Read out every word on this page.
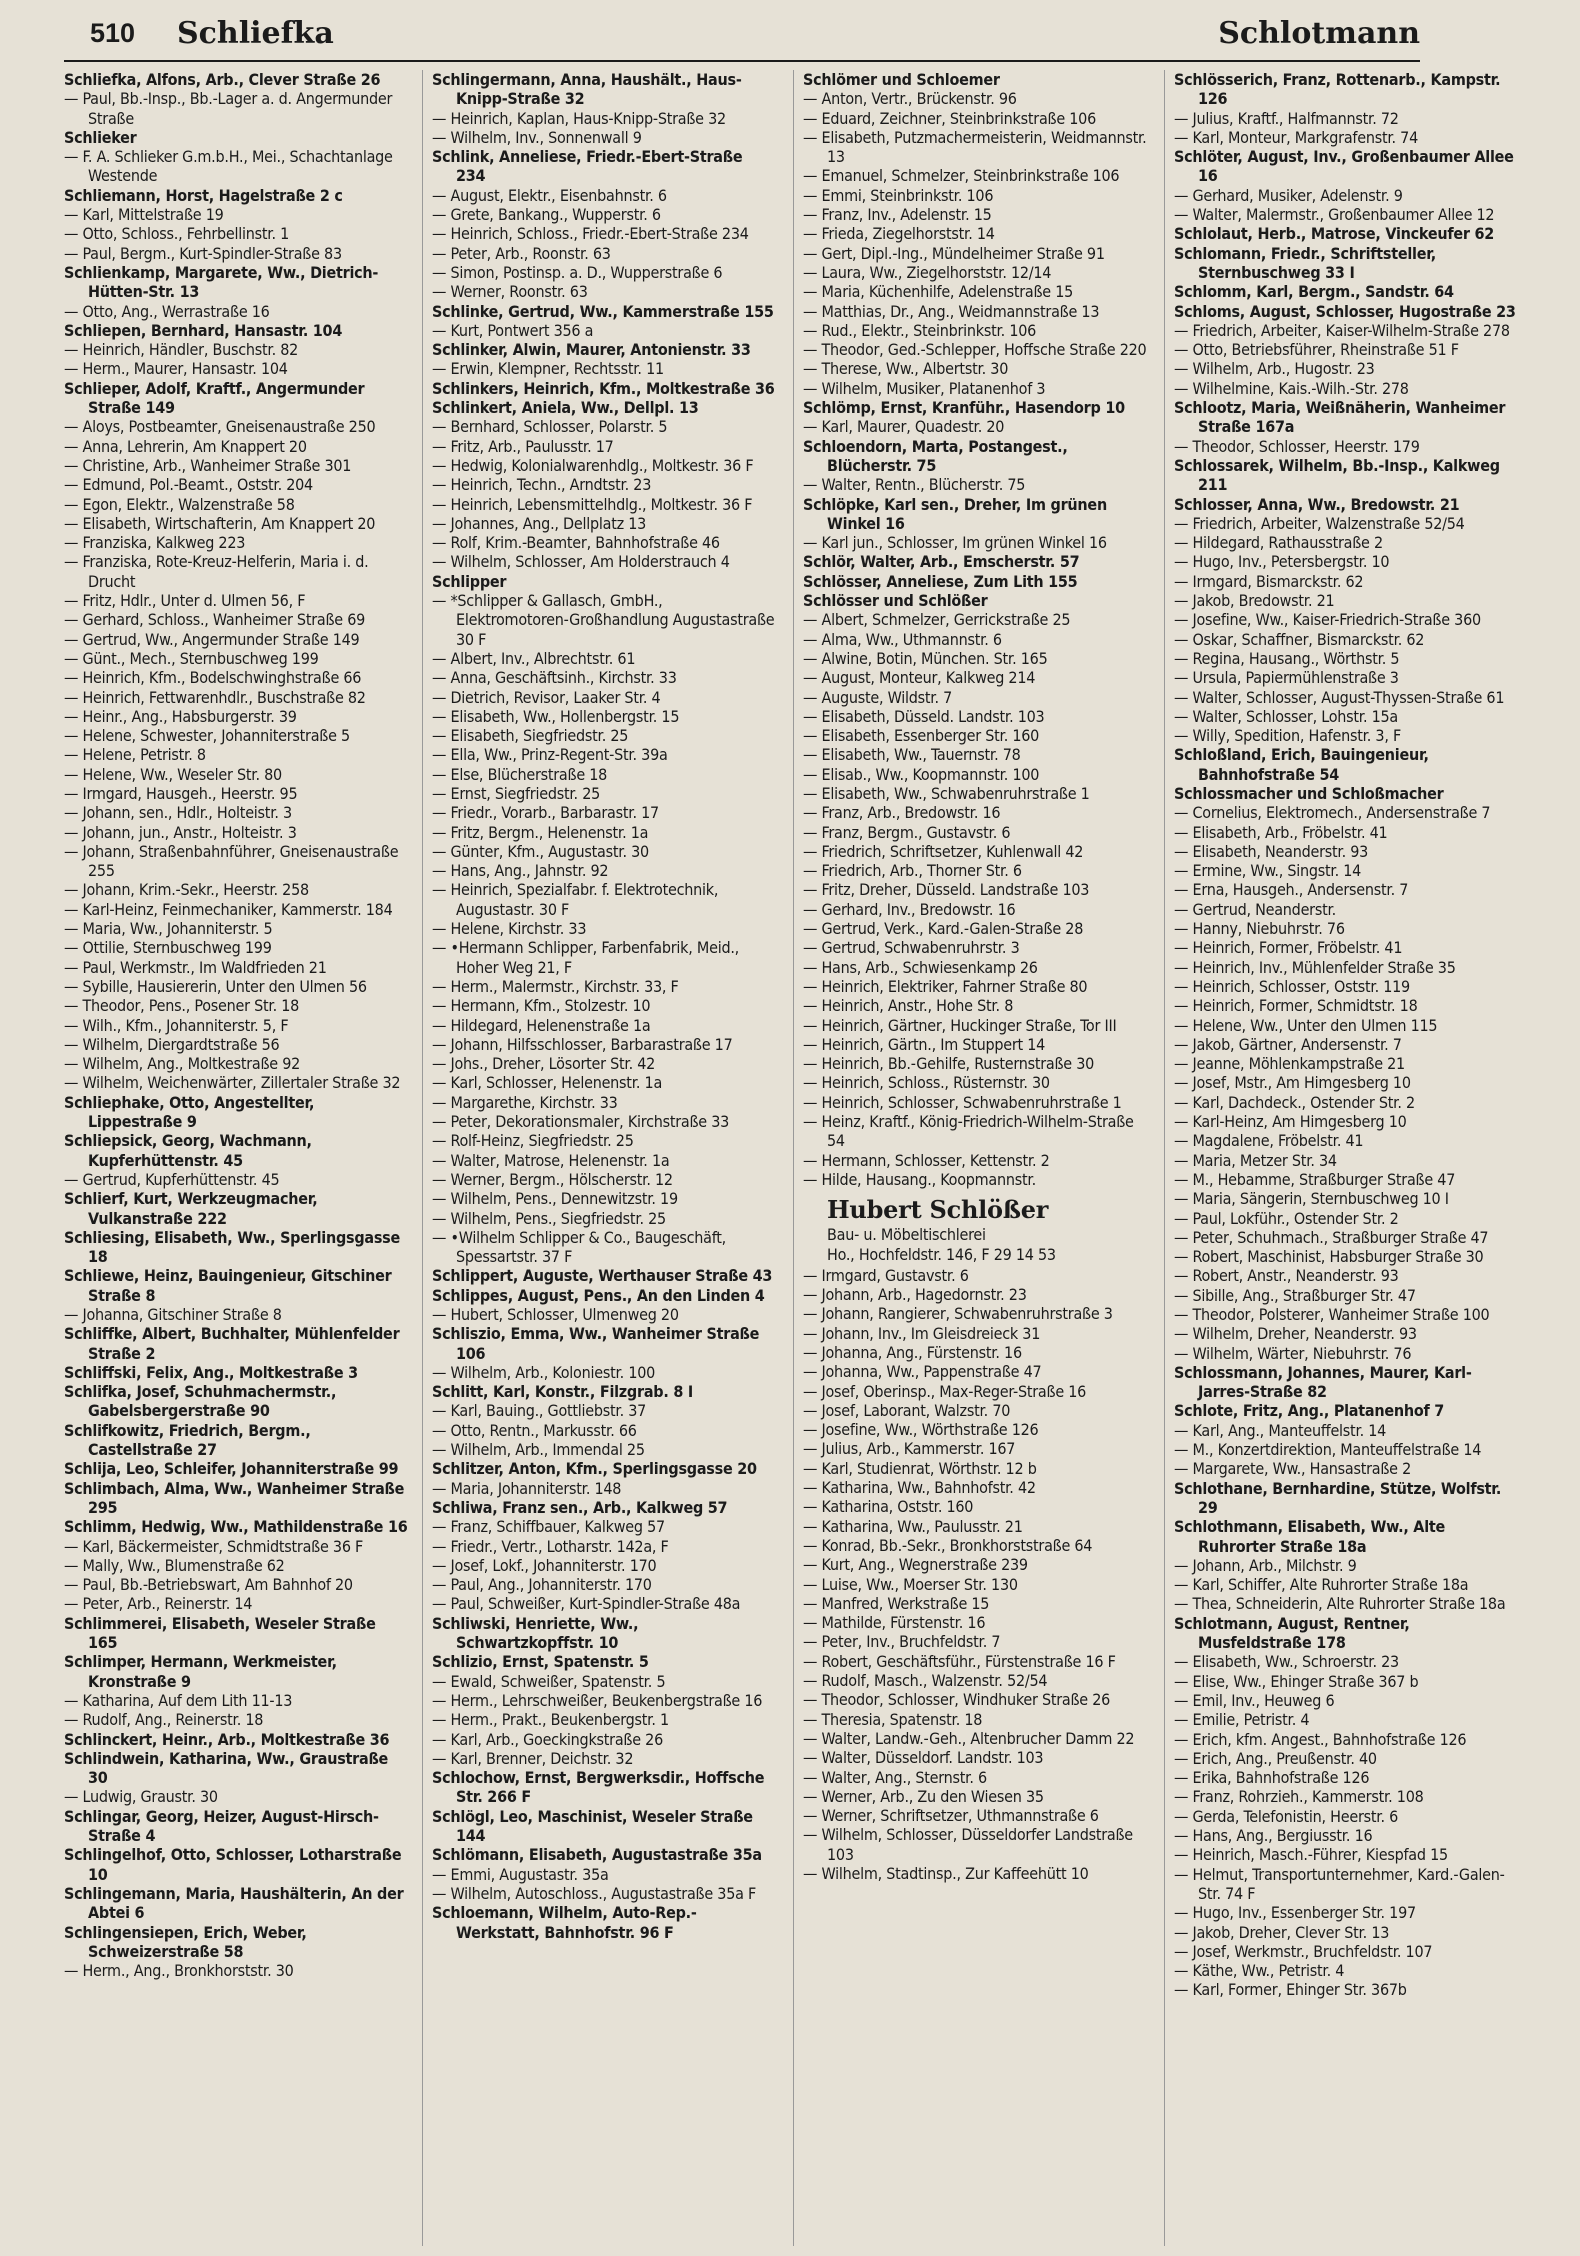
510 Schliefka	Schlotmann
Schliefka, Alfons, Arb., Clever Straße 26
— Paul, Bb.-Insp., Bb.-Lager a. d. Angermunder Straße
Schlieker
— F. A. Schlieker G.m.b.H., Mei., Schachtanlage Westende
Schliemann, Horst, Hagelstraße 2 c
— Karl, Mittelstraße 19
— Otto, Schloss., Fehrbellinstr. 1
— Paul, Bergm., Kurt-Spindler-Straße 83
Schlienkamp, Margarete, Ww., Dietrich-Hütten-Str. 13
— Otto, Ang., Werrastraße 16
Schliepen, Bernhard, Hansastr. 104
— Heinrich, Händler, Buschstr. 82
— Herm., Maurer, Hansastr. 104
Schlieper, Adolf, Kraftf., Angermunder Straße 149
— Aloys, Postbeamter, Gneisenaustraße 250
— Anna, Lehrerin, Am Knappert 20
— Christine, Arb., Wanheimer Straße 301
— Edmund, Pol.-Beamt., Oststr. 204
— Egon, Elektr., Walzenstraße 58
— Elisabeth, Wirtschafterin, Am Knappert 20
— Franziska, Kalkweg 223
— Franziska, Rote-Kreuz-Helferin, Maria i. d. Drucht
— Fritz, Hdlr., Unter d. Ulmen 56, F
— Gerhard, Schloss., Wanheimer Straße 69
— Gertrud, Ww., Angermunder Straße 149
— Günt., Mech., Sternbuschweg 199
— Heinrich, Kfm., Bodelschwinghstraße 66
— Heinrich, Fettwarenhdlr., Buschstraße 82
— Heinr., Ang., Habsburgerstr. 39
— Helene, Schwester, Johanniterstraße 5
— Helene, Petristr. 8
— Helene, Ww., Weseler Str. 80
— Irmgard, Hausgeh., Heerstr. 95
— Johann, sen., Hdlr., Holteistr. 3
— Johann, jun., Anstr., Holteistr. 3
— Johann, Straßenbahnführer, Gneisenaustraße 255
— Johann, Krim.-Sekr., Heerstr. 258
— Karl-Heinz, Feinmechaniker, Kammerstr. 184
— Maria, Ww., Johanniterstr. 5
— Ottilie, Sternbuschweg 199
— Paul, Werkmstr., Im Waldfrieden 21
— Sybille, Hausiererin, Unter den Ulmen 56
— Theodor, Pens., Posener Str. 18
— Wilh., Kfm., Johanniterstr. 5, F
— Wilhelm, Diergardtstraße 56
— Wilhelm, Ang., Moltkestraße 92
— Wilhelm, Weichenwärter, Zillertaler Straße 32
Schliephake, Otto, Angestellter, Lippestraße 9
Schliepsick, Georg, Wachmann, Kupferhüttenstr. 45
— Gertrud, Kupferhüttenstr. 45
Schlierf, Kurt, Werkzeugmacher, Vulkanstraße 222
Schliesing, Elisabeth, Ww., Sperlingsgasse 18
Schliewe, Heinz, Bauingenieur, Gitschiner Straße 8
— Johanna, Gitschiner Straße 8
Schliffke, Albert, Buchhalter, Mühlenfelder Straße 2
Schliffski, Felix, Ang., Moltkestraße 3
Schlifka, Josef, Schuhmachermstr., Gabelsbergerstraße 90
Schlifkowitz, Friedrich, Bergm., Castellstraße 27
Schlija, Leo, Schleifer, Johanniterstraße 99
Schlimbach, Alma, Ww., Wanheimer Straße 295
Schlimm, Hedwig, Ww., Mathildenstraße 16
— Karl, Bäckermeister, Schmidtstraße 36 F
— Mally, Ww., Blumenstraße 62
— Paul, Bb.-Betriebswart, Am Bahnhof 20
— Peter, Arb., Reinerstr. 14
Schlimmerei, Elisabeth, Weseler Straße 165
Schlimper, Hermann, Werkmeister, Kronstraße 9
— Katharina, Auf dem Lith 11-13
— Rudolf, Ang., Reinerstr. 18
Schlinckert, Heinr., Arb., Moltkestraße 36
Schlindwein, Katharina, Ww., Graustraße 30
— Ludwig, Graustr. 30
Schlingar, Georg, Heizer, August-Hirsch-Straße 4
Schlingelhof, Otto, Schlosser, Lotharstraße 10
Schlingemann, Maria, Haushälterin, An der Abtei 6
Schlingensiepen, Erich, Weber, Schweizerstraße 58
— Herm., Ang., Bronkhorststr. 30
Schlingermann, Anna, Haushält., Haus-Knipp-Straße 32
— Heinrich, Kaplan, Haus-Knipp-Straße 32
— Wilhelm, Inv., Sonnenwall 9
Schlink, Anneliese, Friedr.-Ebert-Straße 234
— August, Elektr., Eisenbahnstr. 6
— Grete, Bankang., Wupperstr. 6
— Heinrich, Schloss., Friedr.-Ebert-Straße 234
— Peter, Arb., Roonstr. 63
— Simon, Postinsp. a. D., Wupperstraße 6
— Werner, Roonstr. 63
Schlinke, Gertrud, Ww., Kammerstraße 155
— Kurt, Pontwert 356 a
Schlinker, Alwin, Maurer, Antonienstr. 33
— Erwin, Klempner, Rechtsstr. 11
Schlinkers, Heinrich, Kfm., Moltkestraße 36
Schlinkert, Aniela, Ww., Dellpl. 13
— Bernhard, Schlosser, Polarstr. 5
— Fritz, Arb., Paulusstr. 17
— Hedwig, Kolonialwarenhdlg., Moltkestr. 36 F
— Heinrich, Techn., Arndtstr. 23
— Heinrich, Lebensmittelhdlg., Moltkestr. 36 F
— Johannes, Ang., Dellplatz 13
— Rolf, Krim.-Beamter, Bahnhofstraße 46
— Wilhelm, Schlosser, Am Holderstrauch 4
Schlipper
— *Schlipper & Gallasch, GmbH., Elektromotoren-Großhandlung Augustastraße 30 F
— Albert, Inv., Albrechtstr. 61
— Anna, Geschäftsinh., Kirchstr. 33
— Dietrich, Revisor, Laaker Str. 4
— Elisabeth, Ww., Hollenbergstr. 15
— Elisabeth, Siegfriedstr. 25
— Ella, Ww., Prinz-Regent-Str. 39a
— Else, Blücherstraße 18
— Ernst, Siegfriedstr. 25
— Friedr., Vorarb., Barbarastr. 17
— Fritz, Bergm., Helenenstr. 1a
— Günter, Kfm., Augustastr. 30
— Hans, Ang., Jahnstr. 92
— Heinrich, Spezialfabr. f. Elektrotechnik, Augustastr. 30 F
— Helene, Kirchstr. 33
— •Hermann Schlipper, Farbenfabrik, Meid., Hoher Weg 21, F
— Herm., Malermstr., Kirchstr. 33, F
— Hermann, Kfm., Stolzestr. 10
— Hildegard, Helenenstraße 1a
— Johann, Hilfsschlosser, Barbarastraße 17
— Johs., Dreher, Lösorter Str. 42
— Karl, Schlosser, Helenenstr. 1a
— Margarethe, Kirchstr. 33
— Peter, Dekorationsmaler, Kirchstraße 33
— Rolf-Heinz, Siegfriedstr. 25
— Walter, Matrose, Helenenstr. 1a
— Werner, Bergm., Hölscherstr. 12
— Wilhelm, Pens., Dennewitzstr. 19
— Wilhelm, Pens., Siegfriedstr. 25
— •Wilhelm Schlipper & Co., Baugeschäft, Spessartstr. 37 F
Schlippert, Auguste, Werthauser Straße 43
Schlippes, August, Pens., An den Linden 4
— Hubert, Schlosser, Ulmenweg 20
Schliszio, Emma, Ww., Wanheimer Straße 106
— Wilhelm, Arb., Koloniestr. 100
Schlitt, Karl, Konstr., Filzgrab. 8 I
— Karl, Bauing., Gottliebstr. 37
— Otto, Rentn., Markusstr. 66
— Wilhelm, Arb., Immendal 25
Schlitzer, Anton, Kfm., Sperlingsgasse 20
— Maria, Johanniterstr. 148
Schliwa, Franz sen., Arb., Kalkweg 57
— Franz, Schiffbauer, Kalkweg 57
— Friedr., Vertr., Lotharstr. 142a, F
— Josef, Lokf., Johanniterstr. 170
— Paul, Ang., Johanniterstr. 170
— Paul, Schweißer, Kurt-Spindler-Straße 48a
Schliwski, Henriette, Ww., Schwartzkopffstr. 10
Schlizio, Ernst, Spatenstr. 5
— Ewald, Schweißer, Spatenstr. 5
— Herm., Lehrschweißer, Beukenbergstraße 16
— Herm., Prakt., Beukenbergstr. 1
— Karl, Arb., Goeckingkstraße 26
— Karl, Brenner, Deichstr. 32
Schlochow, Ernst, Bergwerksdir., Hoffsche Str. 266 F
Schlögl, Leo, Maschinist, Weseler Straße 144
Schlömann, Elisabeth, Augustastraße 35a
— Emmi, Augustastr. 35a
— Wilhelm, Autoschloss., Augustastraße 35a F
Schloemann, Wilhelm, Auto-Rep.-Werkstatt, Bahnhofstr. 96 F
Schlömer und Schloemer
— Anton, Vertr., Brückenstr. 96
— Eduard, Zeichner, Steinbrinkstraße 106
— Elisabeth, Putzmachermeisterin, Weidmannstr. 13
— Emanuel, Schmelzer, Steinbrinkstraße 106
— Emmi, Steinbrinkstr. 106
— Franz, Inv., Adelenstr. 15
— Frieda, Ziegelhorststr. 14
— Gert, Dipl.-Ing., Mündelheimer Straße 91
— Laura, Ww., Ziegelhorststr. 12/14
— Maria, Küchenhilfe, Adelenstraße 15
— Matthias, Dr., Ang., Weidmannstraße 13
— Rud., Elektr., Steinbrinkstr. 106
— Theodor, Ged.-Schlepper, Hoffsche Straße 220
— Therese, Ww., Albertstr. 30
— Wilhelm, Musiker, Platanenhof 3
Schlömp, Ernst, Kranführ., Hasendorp 10
— Karl, Maurer, Quadestr. 20
Schloendorn, Marta, Postangest., Blücherstr. 75
— Walter, Rentn., Blücherstr. 75
Schlöpke, Karl sen., Dreher, Im grünen Winkel 16
— Karl jun., Schlosser, Im grünen Winkel 16
Schlör, Walter, Arb., Emscherstr. 57
Schlösser, Anneliese, Zum Lith 155
Schlösser und Schlößer
— Albert, Schmelzer, Gerrickstraße 25
— Alma, Ww., Uthmannstr. 6
— Alwine, Botin, München. Str. 165
— August, Monteur, Kalkweg 214
— Auguste, Wildstr. 7
— Elisabeth, Düsseld. Landstr. 103
— Elisabeth, Essenberger Str. 160
— Elisabeth, Ww., Tauernstr. 78
— Elisab., Ww., Koopmannstr. 100
— Elisabeth, Ww., Schwabenruhrstraße 1
— Franz, Arb., Bredowstr. 16
— Franz, Bergm., Gustavstr. 6
— Friedrich, Schriftsetzer, Kuhlenwall 42
— Friedrich, Arb., Thorner Str. 6
— Fritz, Dreher, Düsseld. Landstraße 103
— Gerhard, Inv., Bredowstr. 16
— Gertrud, Verk., Kard.-Galen-Straße 28
— Gertrud, Schwabenruhrstr. 3
— Hans, Arb., Schwiesenkamp 26
— Heinrich, Elektriker, Fahrner Straße 80
— Heinrich, Anstr., Hohe Str. 8
— Heinrich, Gärtner, Huckinger Straße, Tor III
— Heinrich, Gärtn., Im Stuppert 14
— Heinrich, Bb.-Gehilfe, Rusternstraße 30
— Heinrich, Schloss., Rüsternstr. 30
— Heinrich, Schlosser, Schwabenruhrstraße 1
— Heinz, Kraftf., König-Friedrich-Wilhelm-Straße 54
— Hermann, Schlosser, Kettenstr. 2
— Hilde, Hausang., Koopmannstr.
Hubert Schlößer
Bau- u. Möbeltischlerei
Ho., Hochfeldstr. 146, F 29 14 53
— Irmgard, Gustavstr. 6
— Johann, Arb., Hagedornstr. 23
— Johann, Rangierer, Schwabenruhrstraße 3
— Johann, Inv., Im Gleisdreieck 31
— Johanna, Ang., Fürstenstr. 16
— Johanna, Ww., Pappenstraße 47
— Josef, Oberinsp., Max-Reger-Straße 16
— Josef, Laborant, Walzstr. 70
— Josefine, Ww., Wörthstraße 126
— Julius, Arb., Kammerstr. 167
— Karl, Studienrat, Wörthstr. 12 b
— Katharina, Ww., Bahnhofstr. 42
— Katharina, Oststr. 160
— Katharina, Ww., Paulusstr. 21
— Konrad, Bb.-Sekr., Bronkhorststraße 64
— Kurt, Ang., Wegnerstraße 239
— Luise, Ww., Moerser Str. 130
— Manfred, Werkstraße 15
— Mathilde, Fürstenstr. 16
— Peter, Inv., Bruchfeldstr. 7
— Robert, Geschäftsführ., Fürstenstraße 16 F
— Rudolf, Masch., Walzenstr. 52/54
— Theodor, Schlosser, Windhuker Straße 26
— Theresia, Spatenstr. 18
— Walter, Landw.-Geh., Altenbrucher Damm 22
— Walter, Düsseldorf. Landstr. 103
— Walter, Ang., Sternstr. 6
— Werner, Arb., Zu den Wiesen 35
— Werner, Schriftsetzer, Uthmannstraße 6
— Wilhelm, Schlosser, Düsseldorfer Landstraße 103
— Wilhelm, Stadtinsp., Zur Kaffeehütt 10
Schlösserich, Franz, Rottenarb., Kampstr. 126
— Julius, Kraftf., Halfmannstr. 72
— Karl, Monteur, Markgrafenstr. 74
Schlöter, August, Inv., Großenbaumer Allee 16
— Gerhard, Musiker, Adelenstr. 9
— Walter, Malermstr., Großenbaumer Allee 12
Schlolaut, Herb., Matrose, Vinckeufer 62
Schlomann, Friedr., Schriftsteller, Sternbuschweg 33 I
Schlomm, Karl, Bergm., Sandstr. 64
Schloms, August, Schlosser, Hugostraße 23
— Friedrich, Arbeiter, Kaiser-Wilhelm-Straße 278
— Otto, Betriebsführer, Rheinstraße 51 F
— Wilhelm, Arb., Hugostr. 23
— Wilhelmine, Kais.-Wilh.-Str. 278
Schlootz, Maria, Weißnäherin, Wanheimer Straße 167a
— Theodor, Schlosser, Heerstr. 179
Schlossarek, Wilhelm, Bb.-Insp., Kalkweg 211
Schlosser, Anna, Ww., Bredowstr. 21
— Friedrich, Arbeiter, Walzenstraße 52/54
— Hildegard, Rathausstraße 2
— Hugo, Inv., Petersbergstr. 10
— Irmgard, Bismarckstr. 62
— Jakob, Bredowstr. 21
— Josefine, Ww., Kaiser-Friedrich-Straße 360
— Oskar, Schaffner, Bismarckstr. 62
— Regina, Hausang., Wörthstr. 5
— Ursula, Papiermühlenstraße 3
— Walter, Schlosser, August-Thyssen-Straße 61
— Walter, Schlosser, Lohstr. 15a
— Willy, Spedition, Hafenstr. 3, F
Schloßland, Erich, Bauingenieur, Bahnhofstraße 54
Schlossmacher und Schloßmacher
— Cornelius, Elektromech., Andersenstraße 7
— Elisabeth, Arb., Fröbelstr. 41
— Elisabeth, Neanderstr. 93
— Ermine, Ww., Singstr. 14
— Erna, Hausgeh., Andersenstr. 7
— Gertrud, Neanderstr.
— Hanny, Niebuhrstr. 76
— Heinrich, Former, Fröbelstr. 41
— Heinrich, Inv., Mühlenfelder Straße 35
— Heinrich, Schlosser, Oststr. 119
— Heinrich, Former, Schmidtstr. 18
— Helene, Ww., Unter den Ulmen 115
— Jakob, Gärtner, Andersenstr. 7
— Jeanne, Möhlenkampstraße 21
— Josef, Mstr., Am Himgesberg 10
— Karl, Dachdeck., Ostender Str. 2
— Karl-Heinz, Am Himgesberg 10
— Magdalene, Fröbelstr. 41
— Maria, Metzer Str. 34
— M., Hebamme, Straßburger Straße 47
— Maria, Sängerin, Sternbuschweg 10 I
— Paul, Lokführ., Ostender Str. 2
— Peter, Schuhmach., Straßburger Straße 47
— Robert, Maschinist, Habsburger Straße 30
— Robert, Anstr., Neanderstr. 93
— Sibille, Ang., Straßburger Str. 47
— Theodor, Polsterer, Wanheimer Straße 100
— Wilhelm, Dreher, Neanderstr. 93
— Wilhelm, Wärter, Niebuhrstr. 76
Schlossmann, Johannes, Maurer, Karl-Jarres-Straße 82
Schlote, Fritz, Ang., Platanenhof 7
— Karl, Ang., Manteuffelstr. 14
— M., Konzertdirektion, Manteuffelstraße 14
— Margarete, Ww., Hansastraße 2
Schlothane, Bernhardine, Stütze, Wolfstr. 29
Schlothmann, Elisabeth, Ww., Alte Ruhrorter Straße 18a
— Johann, Arb., Milchstr. 9
— Karl, Schiffer, Alte Ruhrorter Straße 18a
— Thea, Schneiderin, Alte Ruhrorter Straße 18a
Schlotmann, August, Rentner, Musfeldstraße 178
— Elisabeth, Ww., Schroerstr. 23
— Elise, Ww., Ehinger Straße 367 b
— Emil, Inv., Heuweg 6
— Emilie, Petristr. 4
— Erich, kfm. Angest., Bahnhofstraße 126
— Erich, Ang., Preußenstr. 40
— Erika, Bahnhofstraße 126
— Franz, Rohrzieh., Kammerstr. 108
— Gerda, Telefonistin, Heerstr. 6
— Hans, Ang., Bergiusstr. 16
— Heinrich, Masch.-Führer, Kiespfad 15
— Helmut, Transportunternehmer, Kard.-Galen-Str. 74 F
— Hugo, Inv., Essenberger Str. 197
— Jakob, Dreher, Clever Str. 13
— Josef, Werkmstr., Bruchfeldstr. 107
— Käthe, Ww., Petristr. 4
— Karl, Former, Ehinger Str. 367b
